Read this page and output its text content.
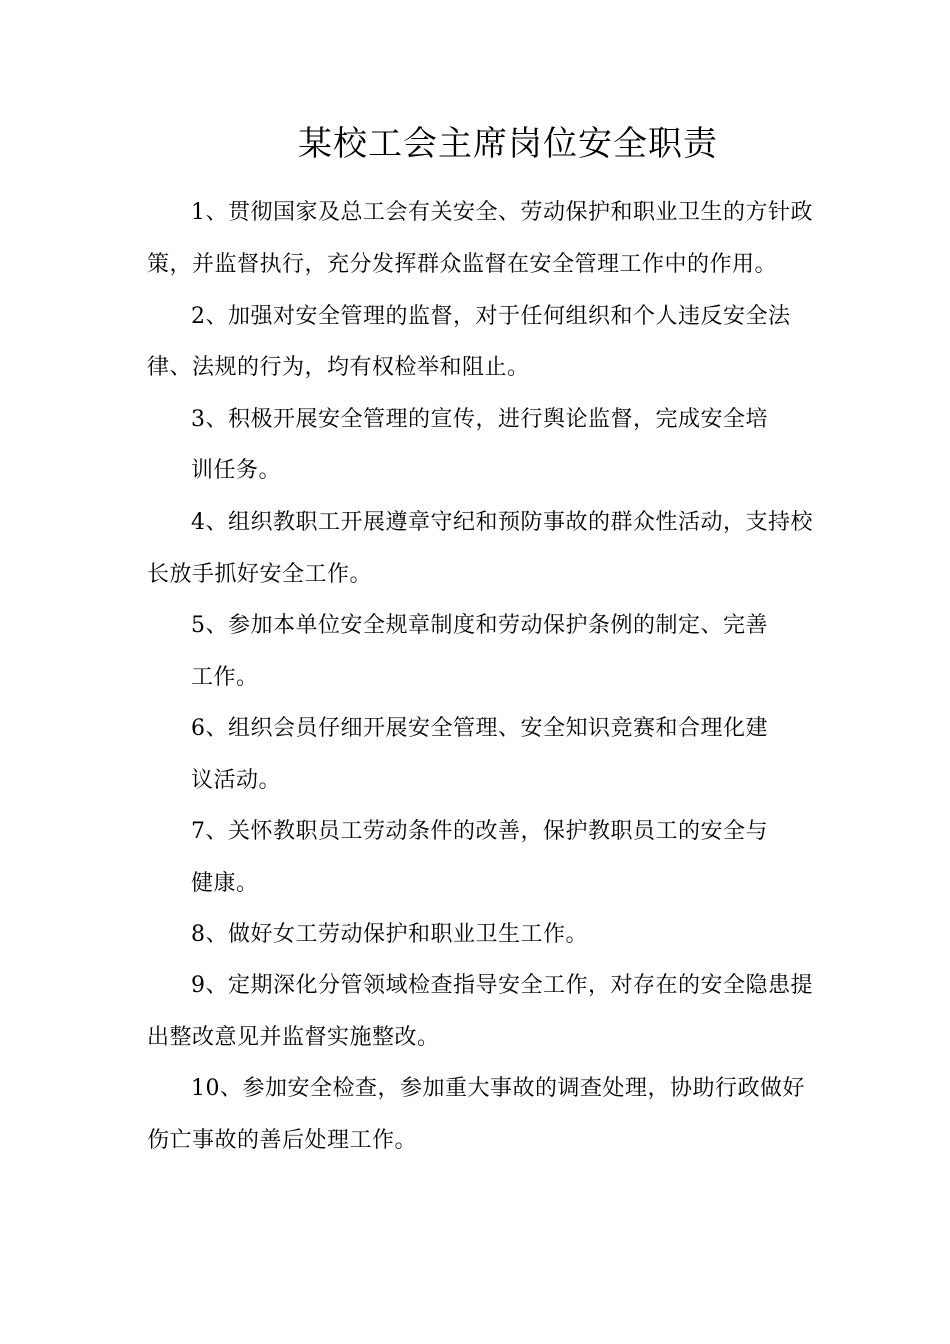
某校工会主席岗位安全职责
1、贯彻国家及总工会有关安全、劳动保护和职业卫生的方针政
策，并监督执行，充分发挥群众监督在安全管理工作中的作用。
2、加强对安全管理的监督，对于任何组织和个人违反安全法
律、法规的行为，均有权检举和阻止。
3、积极开展安全管理的宣传，进行舆论监督，完成安全培
训任务。
4、组织教职工开展遵章守纪和预防事故的群众性活动，支持校
长放手抓好安全工作。
5、参加本单位安全规章制度和劳动保护条例的制定、完善
工作。
6、组织会员仔细开展安全管理、安全知识竞赛和合理化建
议活动。
7、关怀教职员工劳动条件的改善，保护教职员工的安全与
健康。
8、做好女工劳动保护和职业卫生工作。
9、定期深化分管领域检查指导安全工作，对存在的安全隐患提
出整改意见并监督实施整改。
10、参加安全检查，参加重大事故的调查处理，协助行政做好
伤亡事故的善后处理工作。
